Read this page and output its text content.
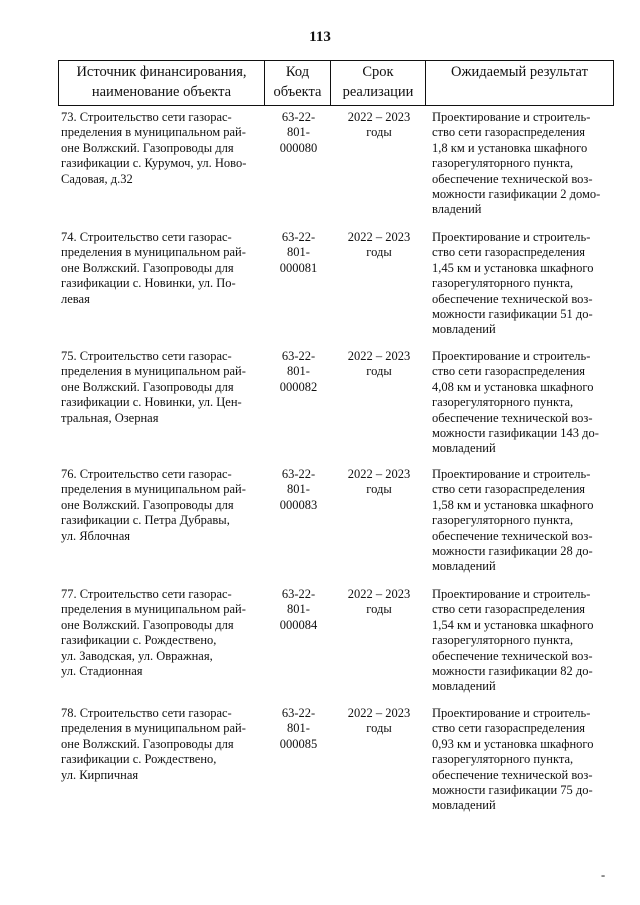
113
Источник финансирования,
наименование объекта
Код
объекта
Срок
реализации
Ожидаемый результат
73. Строительство сети газорас-
пределения в муниципальном рай-
оне Волжский. Газопроводы для
газификации с. Курумоч, ул. Ново-
Садовая, д.32
63-22-
801-
000080
2022 – 2023
годы
Проектирование и строитель-
ство сети газораспределения
1,8 км и установка шкафного
газорегуляторного пункта,
обеспечение технической воз-
можности газификации 2 домо-
владений
74. Строительство сети газорас-
пределения в муниципальном рай-
оне Волжский. Газопроводы для
газификации с. Новинки, ул. По-
левая
63-22-
801-
000081
2022 – 2023
годы
Проектирование и строитель-
ство сети газораспределения
1,45 км и установка шкафного
газорегуляторного пункта,
обеспечение технической воз-
можности газификации 51 до-
мовладений
75. Строительство сети газорас-
пределения в муниципальном рай-
оне Волжский. Газопроводы для
газификации с. Новинки, ул. Цен-
тральная, Озерная
63-22-
801-
000082
2022 – 2023
годы
Проектирование и строитель-
ство сети газораспределения
4,08 км и установка шкафного
газорегуляторного пункта,
обеспечение технической воз-
можности газификации 143 до-
мовладений
76. Строительство сети газорас-
пределения в муниципальном рай-
оне Волжский. Газопроводы для
газификации с. Петра Дубравы,
ул. Яблочная
63-22-
801-
000083
2022 – 2023
годы
Проектирование и строитель-
ство сети газораспределения
1,58 км и установка шкафного
газорегуляторного пункта,
обеспечение технической воз-
можности газификации 28 до-
мовладений
77. Строительство сети газорас-
пределения в муниципальном рай-
оне Волжский. Газопроводы для
газификации с. Рождествено,
ул. Заводская, ул. Овражная,
ул. Стадионная
63-22-
801-
000084
2022 – 2023
годы
Проектирование и строитель-
ство сети газораспределения
1,54 км и установка шкафного
газорегуляторного пункта,
обеспечение технической воз-
можности газификации 82 до-
мовладений
78. Строительство сети газорас-
пределения в муниципальном рай-
оне Волжский. Газопроводы для
газификации с. Рождествено,
ул. Кирпичная
63-22-
801-
000085
2022 – 2023
годы
Проектирование и строитель-
ство сети газораспределения
0,93 км и установка шкафного
газорегуляторного пункта,
обеспечение технической воз-
можности газификации 75 до-
мовладений
-
